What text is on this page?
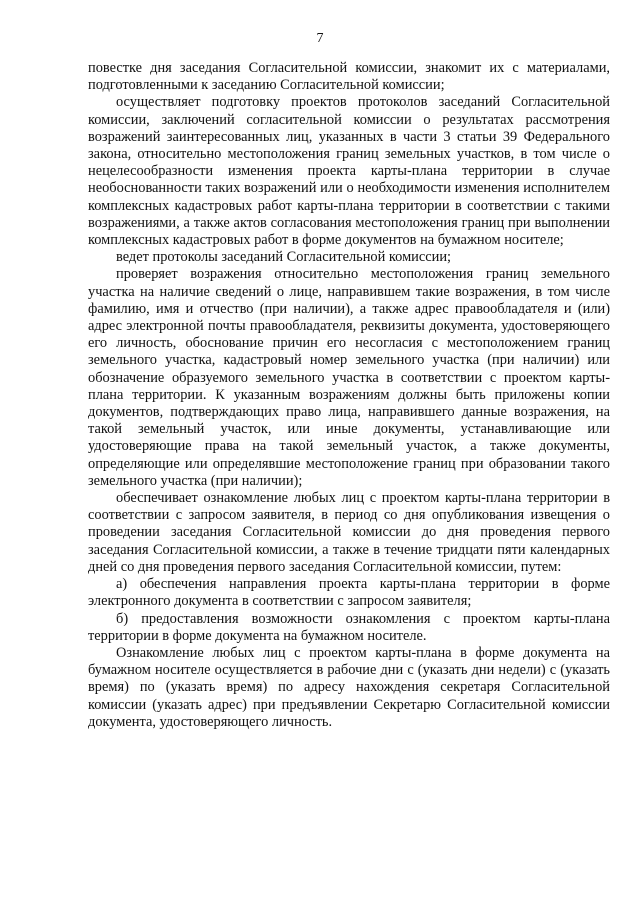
7

повестке дня заседания Согласительной комиссии, знакомит их с материалами, подготовленными к заседанию Согласительной комиссии;

осуществляет подготовку проектов протоколов заседаний Согласительной комиссии, заключений согласительной комиссии о результатах рассмотрения возражений заинтересованных лиц, указанных в части 3 статьи 39 Федерального закона, относительно местоположения границ земельных участков, в том числе о нецелесообразности изменения проекта карты-плана территории в случае необоснованности таких возражений или о необходимости изменения исполнителем комплексных кадастровых работ карты-плана территории в соответствии с такими возражениями, а также актов согласования местоположения границ при выполнении комплексных кадастровых работ в форме документов на бумажном носителе;

ведет протоколы заседаний Согласительной комиссии;

проверяет возражения относительно местоположения границ земельного участка на наличие сведений о лице, направившем такие возражения, в том числе фамилию, имя и отчество (при наличии), а также адрес правообладателя и (или) адрес электронной почты правообладателя, реквизиты документа, удостоверяющего его личность, обоснование причин его несогласия с местоположением границ земельного участка, кадастровый номер земельного участка (при наличии) или обозначение образуемого земельного участка в соответствии с проектом карты-плана территории. К указанным возражениям должны быть приложены копии документов, подтверждающих право лица, направившего данные возражения, на такой земельный участок, или иные документы, устанавливающие или удостоверяющие права на такой земельный участок, а также документы, определяющие или определявшие местоположение границ при образовании такого земельного участка (при наличии);

обеспечивает ознакомление любых лиц с проектом карты-плана территории в соответствии с запросом заявителя, в период со дня опубликования извещения о проведении заседания Согласительной комиссии до дня проведения первого заседания Согласительной комиссии, а также в течение тридцати пяти календарных дней со дня проведения первого заседания Согласительной комиссии, путем:

а) обеспечения направления проекта карты-плана территории в форме электронного документа в соответствии с запросом заявителя;

б) предоставления возможности ознакомления с проектом карты-плана территории в форме документа на бумажном носителе.

Ознакомление любых лиц с проектом карты-плана в форме документа на бумажном носителе осуществляется в рабочие дни с (указать дни недели) с (указать время) по (указать время) по адресу нахождения секретаря Согласительной комиссии (указать адрес) при предъявлении Секретарю Согласительной комиссии документа, удостоверяющего личность.
